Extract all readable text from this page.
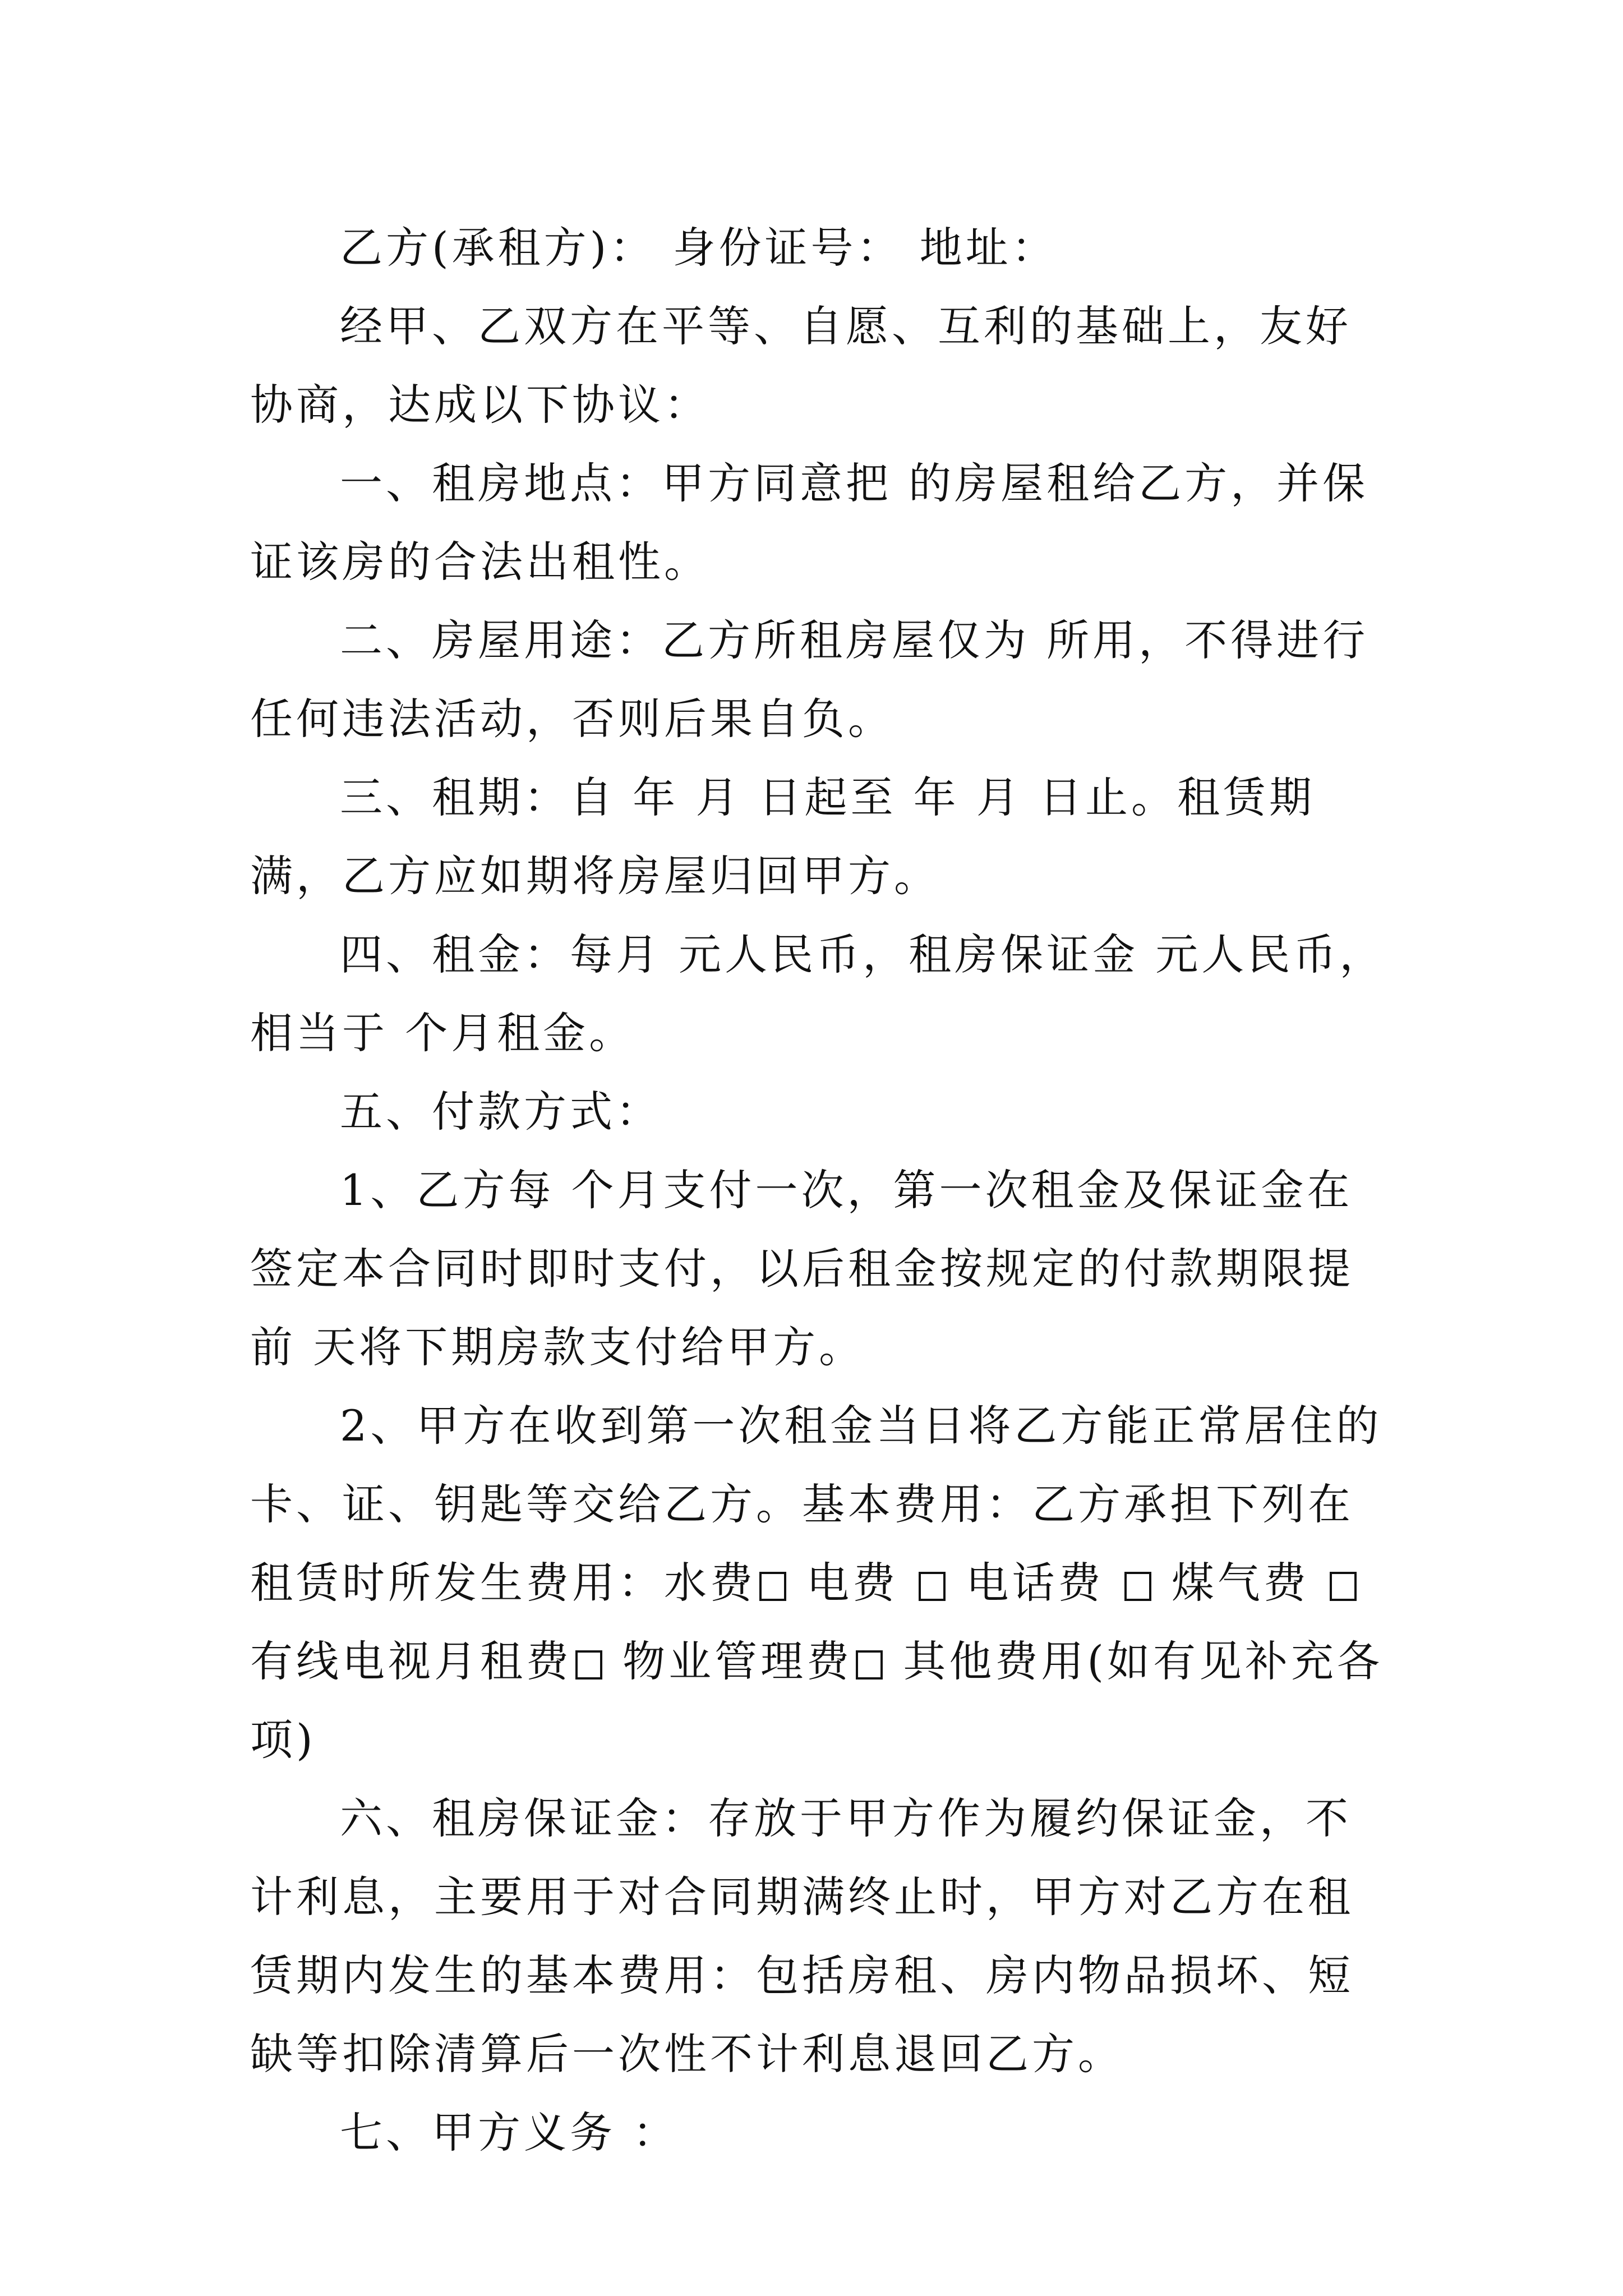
乙方(承租方)： 身份证号： 地址：

经甲、乙双方在平等、自愿、互利的基础上，友好协商，达成以下协议：

一、租房地点：甲方同意把 的房屋租给乙方，并保证该房的合法出租性。

二、房屋用途：乙方所租房屋仅为 所用，不得进行任何违法活动，否则后果自负。

三、租期：自 年 月 日起至 年 月 日止。租赁期满，乙方应如期将房屋归回甲方。

四、租金：每月 元人民币，租房保证金 元人民币，相当于 个月租金。

五、付款方式：

1、乙方每 个月支付一次，第一次租金及保证金在签定本合同时即时支付，以后租金按规定的付款期限提前 天将下期房款支付给甲方。

2、甲方在收到第一次租金当日将乙方能正常居住的卡、证、钥匙等交给乙方。基本费用：乙方承担下列在租赁时所发生费用：水费 电费 电话费 煤气费  有线电视月租费 物业管理费 其他费用(如有见补充各项)

六、租房保证金：存放于甲方作为履约保证金，不计利息，主要用于对合同期满终止时，甲方对乙方在租赁期内发生的基本费用：包括房租、房内物品损坏、短缺等扣除清算后一次性不计利息退回乙方。

七、甲方义务 ：
